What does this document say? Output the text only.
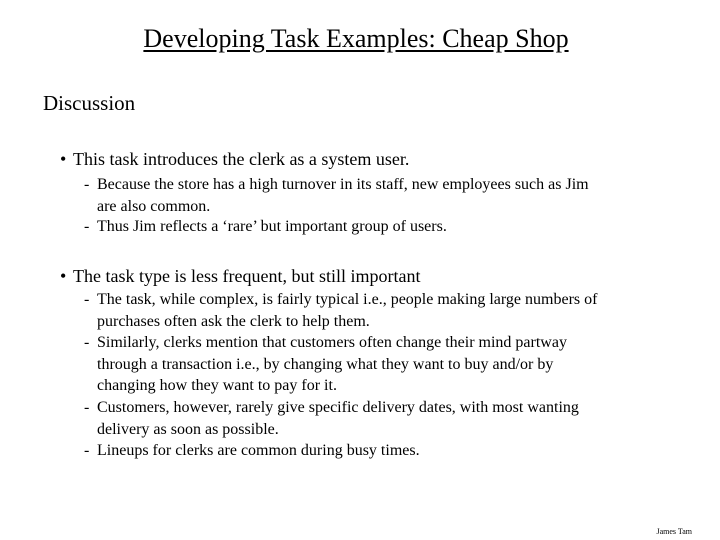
Developing Task Examples: Cheap Shop
Discussion
• This task introduces the clerk as a system user.
- Because the store has a high turnover in its staff, new employees such as Jim
are also common.
- Thus Jim reflects a ‘rare’ but important group of users.
• The task type is less frequent, but still important
- The task, while complex, is fairly typical i.e., people making large numbers of
purchases often ask the clerk to help them.
- Similarly, clerks mention that customers often change their mind partway
through a transaction i.e., by changing what they want to buy and/or by
changing how they want to pay for it.
- Customers, however, rarely give specific delivery dates, with most wanting
delivery as soon as possible.
- Lineups for clerks are common during busy times.
James Tam
